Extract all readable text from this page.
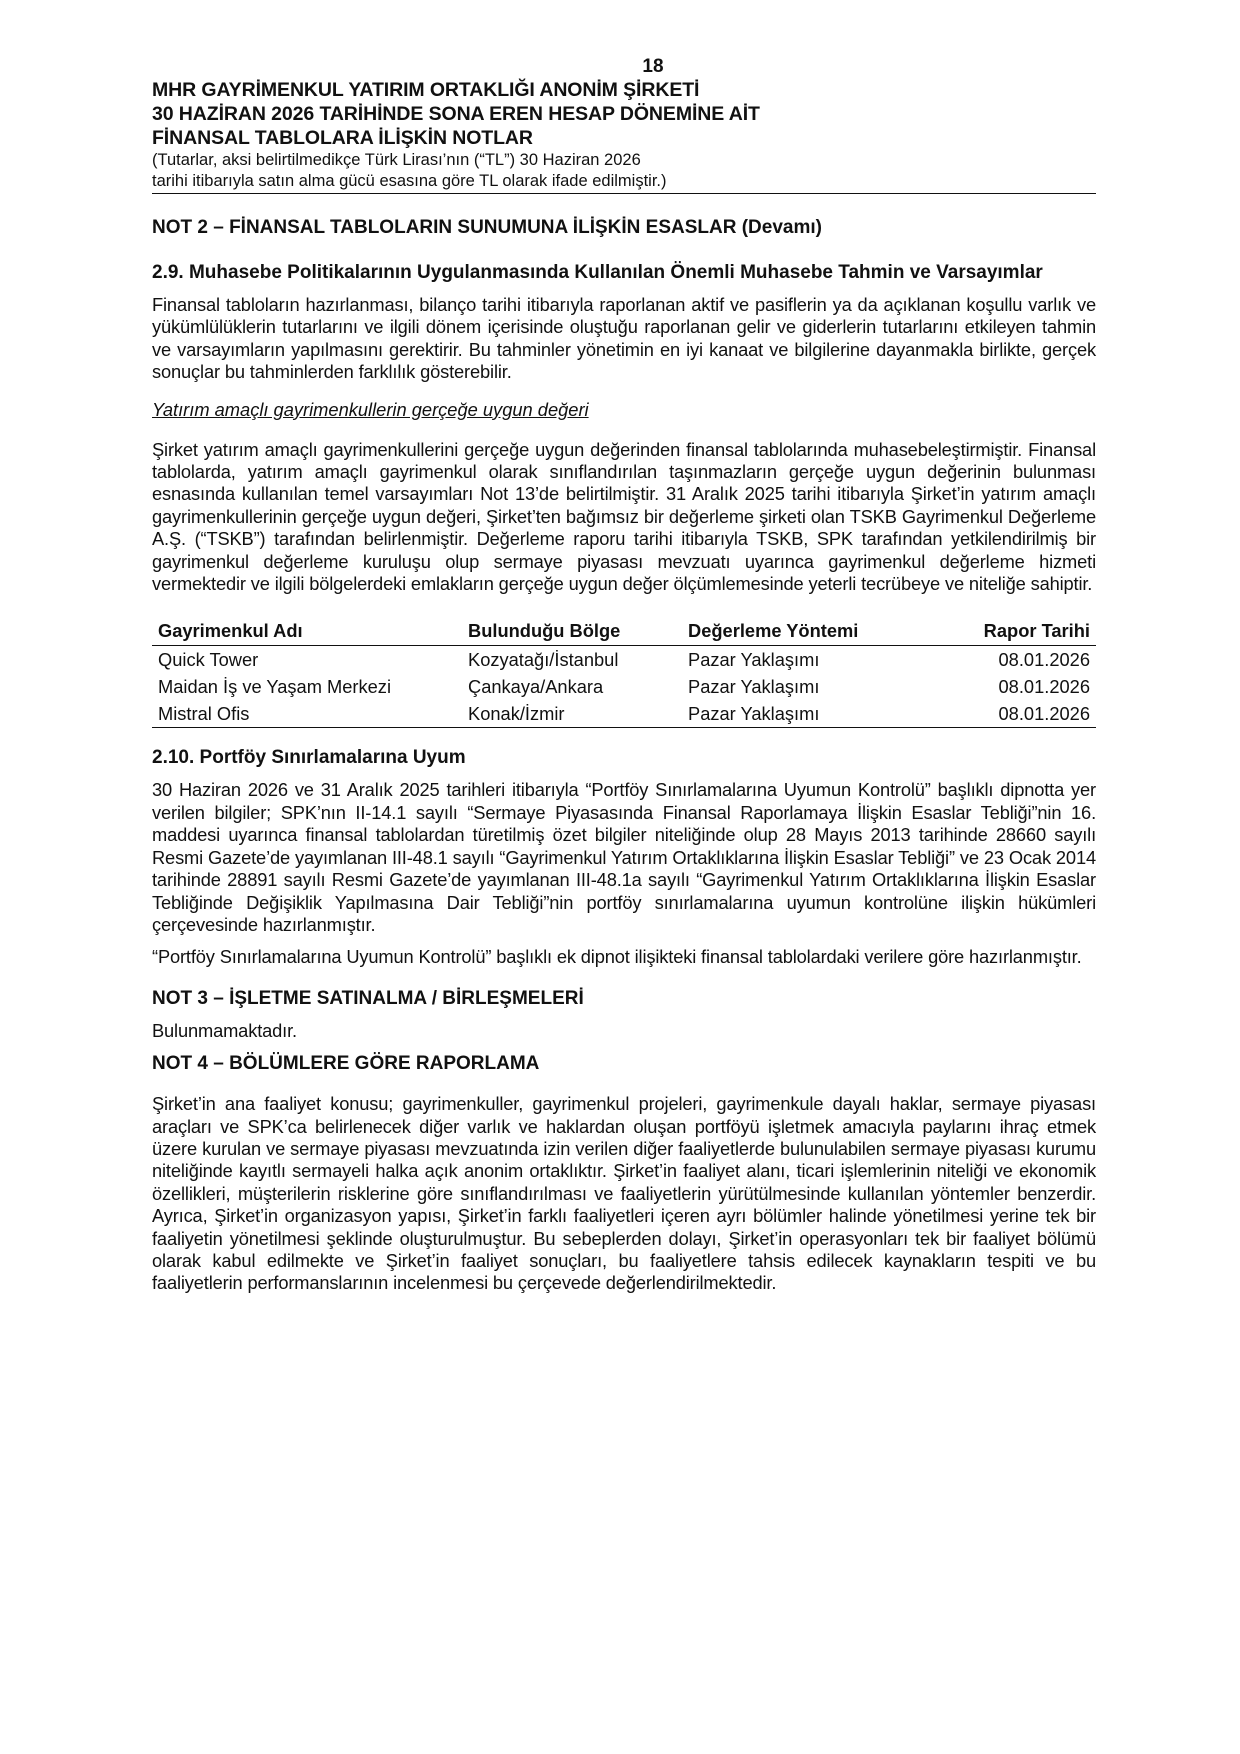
18
MHR GAYRİMENKUL YATIRIM ORTAKLIĞI ANONİM ŞİRKETİ
30 HAZİRAN 2026 TARİHİNDE SONA EREN HESAP DÖNEMİNE AİT
FİNANSAL TABLOLARA İLİŞKİN NOTLAR
(Tutarlar, aksi belirtilmedikçe Türk Lirası’nın (“TL”) 30 Haziran 2026
tarihi itibarıyla satın alma gücü esasına göre TL olarak ifade edilmiştir.)
NOT 2 – FİNANSAL TABLOLARIN SUNUMUNA İLİŞKİN ESASLAR (Devamı)
2.9. Muhasebe Politikalarının Uygulanmasında Kullanılan Önemli Muhasebe Tahmin ve Varsayımlar
Finansal tabloların hazırlanması, bilanço tarihi itibarıyla raporlanan aktif ve pasiflerin ya da açıklanan koşullu varlık ve yükümlülüklerin tutarlarını ve ilgili dönem içerisinde oluştuğu raporlanan gelir ve giderlerin tutarlarını etkileyen tahmin ve varsayımların yapılmasını gerektirir. Bu tahminler yönetimin en iyi kanaat ve bilgilerine dayanmakla birlikte, gerçek sonuçlar bu tahminlerden farklılık gösterebilir.
Yatırım amaçlı gayrimenkullerin gerçeğe uygun değeri
Şirket yatırım amaçlı gayrimenkullerini gerçeğe uygun değerinden finansal tablolarında muhasebeleştirmiştir. Finansal tablolarda, yatırım amaçlı gayrimenkul olarak sınıflandırılan taşınmazların gerçeğe uygun değerinin bulunması esnasında kullanılan temel varsayımları Not 13’de belirtilmiştir. 31 Aralık 2025 tarihi itibarıyla Şirket’in yatırım amaçlı gayrimenkullerinin gerçeğe uygun değeri, Şirket’ten bağımsız bir değerleme şirketi olan TSKB Gayrimenkul Değerleme A.Ş. (“TSKB”) tarafından belirlenmiştir. Değerleme raporu tarihi itibarıyla TSKB, SPK tarafından yetkilendirilmiş bir gayrimenkul değerleme kuruluşu olup sermaye piyasası mevzuatı uyarınca gayrimenkul değerleme hizmeti vermektedir ve ilgili bölgelerdeki emlakların gerçeğe uygun değer ölçümlemesinde yeterli tecrübeye ve niteliğe sahiptir.
Gayrimenkul Adı	Bulunduğu Bölge	Değerleme Yöntemi	Rapor Tarihi
Quick Tower	Kozyatağı/İstanbul	Pazar Yaklaşımı	08.01.2026
Maidan İş ve Yaşam Merkezi	Çankaya/Ankara	Pazar Yaklaşımı	08.01.2026
Mistral Ofis	Konak/İzmir	Pazar Yaklaşımı	08.01.2026
2.10. Portföy Sınırlamalarına Uyum
30 Haziran 2026 ve 31 Aralık 2025 tarihleri itibarıyla “Portföy Sınırlamalarına Uyumun Kontrolü” başlıklı dipnotta yer verilen bilgiler; SPK’nın II-14.1 sayılı “Sermaye Piyasasında Finansal Raporlamaya İlişkin Esaslar Tebliği”nin 16. maddesi uyarınca finansal tablolardan türetilmiş özet bilgiler niteliğinde olup 28 Mayıs 2013 tarihinde 28660 sayılı Resmi Gazete’de yayımlanan III-48.1 sayılı “Gayrimenkul Yatırım Ortaklıklarına İlişkin Esaslar Tebliği” ve 23 Ocak 2014 tarihinde 28891 sayılı Resmi Gazete’de yayımlanan III-48.1a sayılı “Gayrimenkul Yatırım Ortaklıklarına İlişkin Esaslar Tebliğinde Değişiklik Yapılmasına Dair Tebliği”nin portföy sınırlamalarına uyumun kontrolüne ilişkin hükümleri çerçevesinde hazırlanmıştır.
“Portföy Sınırlamalarına Uyumun Kontrolü” başlıklı ek dipnot ilişikteki finansal tablolardaki verilere göre hazırlanmıştır.
NOT 3 – İŞLETME SATINALMA / BİRLEŞMELERİ
Bulunmamaktadır.
NOT 4 – BÖLÜMLERE GÖRE RAPORLAMA
Şirket’in ana faaliyet konusu; gayrimenkuller, gayrimenkul projeleri, gayrimenkule dayalı haklar, sermaye piyasası araçları ve SPK’ca belirlenecek diğer varlık ve haklardan oluşan portföyü işletmek amacıyla paylarını ihraç etmek üzere kurulan ve sermaye piyasası mevzuatında izin verilen diğer faaliyetlerde bulunulabilen sermaye piyasası kurumu niteliğinde kayıtlı sermayeli halka açık anonim ortaklıktır. Şirket’in faaliyet alanı, ticari işlemlerinin niteliği ve ekonomik özellikleri, müşterilerin risklerine göre sınıflandırılması ve faaliyetlerin yürütülmesinde kullanılan yöntemler benzerdir. Ayrıca, Şirket’in organizasyon yapısı, Şirket’in farklı faaliyetleri içeren ayrı bölümler halinde yönetilmesi yerine tek bir faaliyetin yönetilmesi şeklinde oluşturulmuştur. Bu sebeplerden dolayı, Şirket’in operasyonları tek bir faaliyet bölümü olarak kabul edilmekte ve Şirket’in faaliyet sonuçları, bu faaliyetlere tahsis edilecek kaynakların tespiti ve bu faaliyetlerin performanslarının incelenmesi bu çerçevede değerlendirilmektedir.
